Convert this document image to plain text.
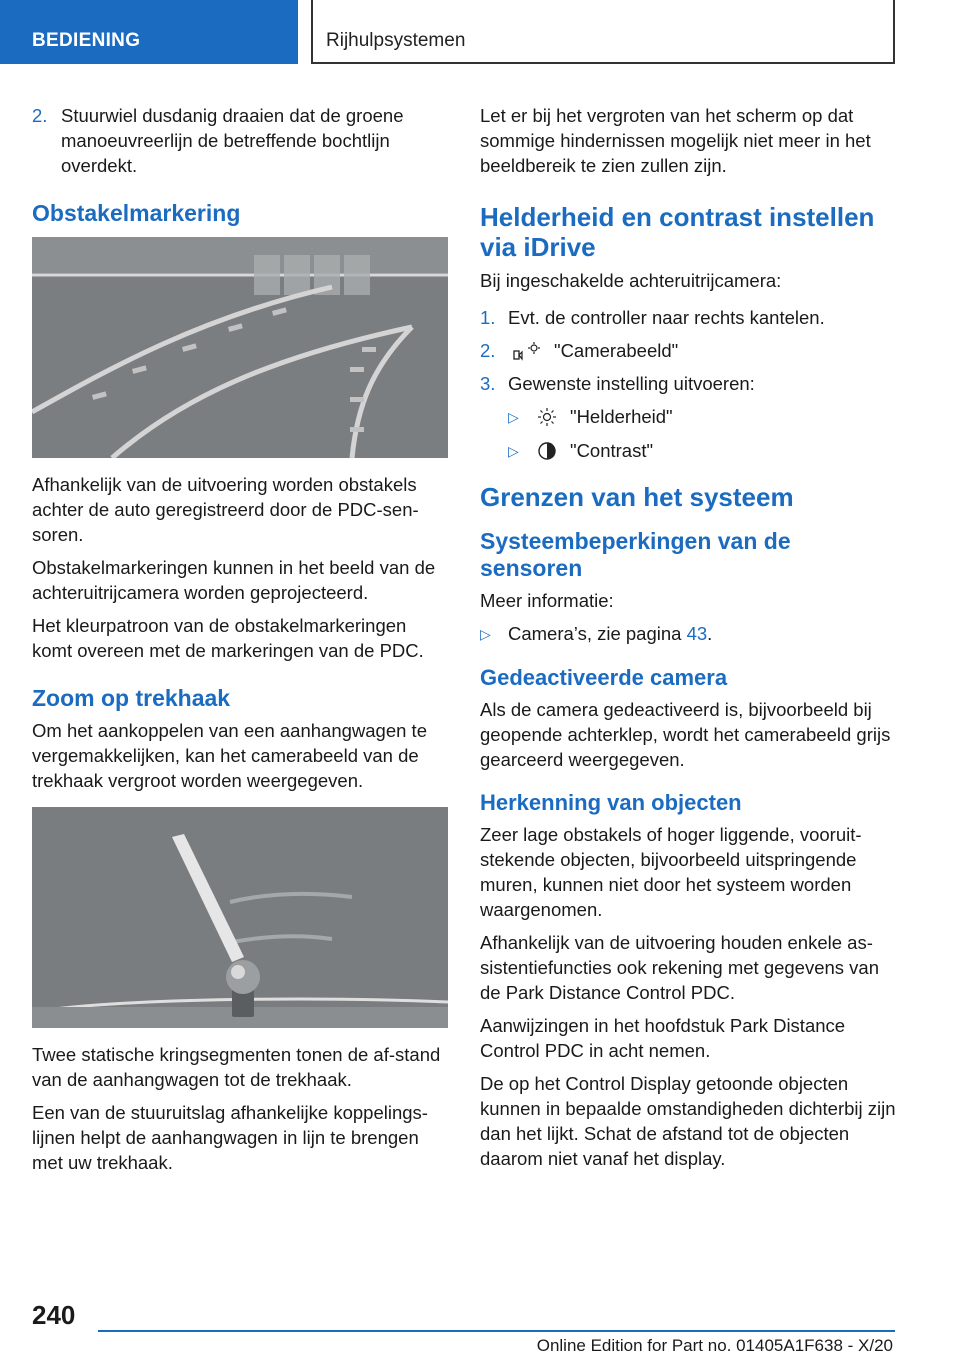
BEDIENING	Rijhulpsystemen
2. Stuurwiel dusdanig draaien dat de groene manoeuvreerlijn de betreffende bochtlijn overdekt.
Obstakelmarkering

Afhankelijk van de uitvoering worden obstakels achter de auto geregistreerd door de PDC-sen-soren.

Obstakelmarkeringen kunnen in het beeld van de achteruitrijcamera worden geprojecteerd.

Het kleurpatroon van de obstakelmarkeringen komt overeen met de markeringen van de PDC.

Zoom op trekhaak

Om het aankoppelen van een aanhangwagen te vergemakkelijken, kan het camerabeeld van de trekhaak vergroot worden weergegeven.

Twee statische kringsegmenten tonen de af-stand van de aanhangwagen tot de trekhaak.

Een van de stuuruitslag afhankelijke koppelings-lijnen helpt de aanhangwagen in lijn te brengen met uw trekhaak.

Let er bij het vergroten van het scherm op dat sommige hindernissen mogelijk niet meer in het beeldbereik te zien zullen zijn.

Helderheid en contrast instellen via iDrive

Bij ingeschakelde achteruitrijcamera:

1. Evt. de controller naar rechts kantelen.
2.	"Camerabeeld"
3. Gewenste instelling uitvoeren:
▷	"Helderheid"
▷	"Contrast"
Grenzen van het systeem
Systeembeperkingen van de sensoren

Meer informatie:

▷ Camera’s, zie pagina 43.
Gedeactiveerde camera

Als de camera gedeactiveerd is, bijvoorbeeld bij geopende achterklep, wordt het camerabeeld grijs gearceerd weergegeven.

Herkenning van objecten

Zeer lage obstakels of hoger liggende, vooruit-stekende objecten, bijvoorbeeld uitspringende muren, kunnen niet door het systeem worden waargenomen.

Afhankelijk van de uitvoering houden enkele as-sistentiefuncties ook rekening met gegevens van de Park Distance Control PDC.

Aanwijzingen in het hoofdstuk Park Distance Control PDC in acht nemen.

De op het Control Display getoonde objecten kunnen in bepaalde omstandigheden dichterbij zijn dan het lijkt. Schat de afstand tot de objecten daarom niet vanaf het display.

240
Online Edition for Part no. 01405A1F638 - X/20
